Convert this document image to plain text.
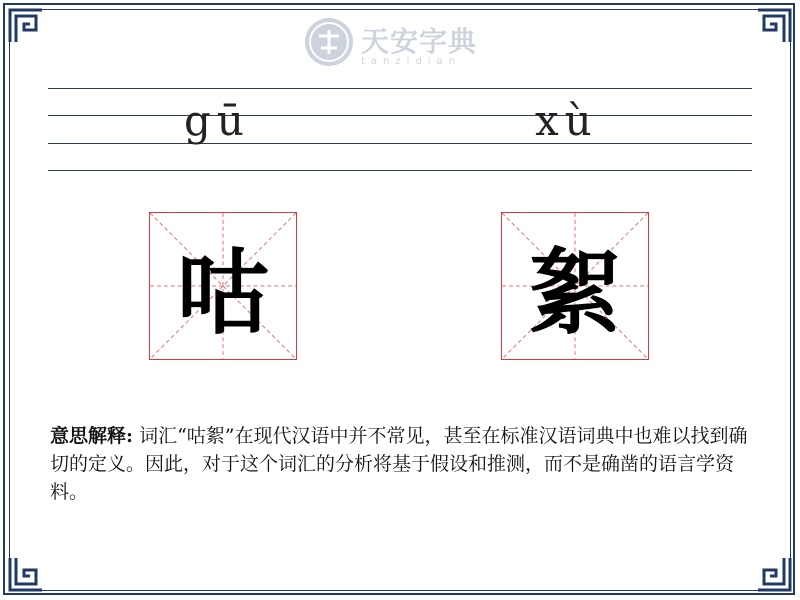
天安字典
tanzidian
gū	xù
咕	絮
意思解释: 词汇“咕絮”在现代汉语中并不常见，甚至在标准汉语词典中也难以找到确切的定义。因此，对于这个词汇的分析将基于假设和推测，而不是确凿的语言学资料。
